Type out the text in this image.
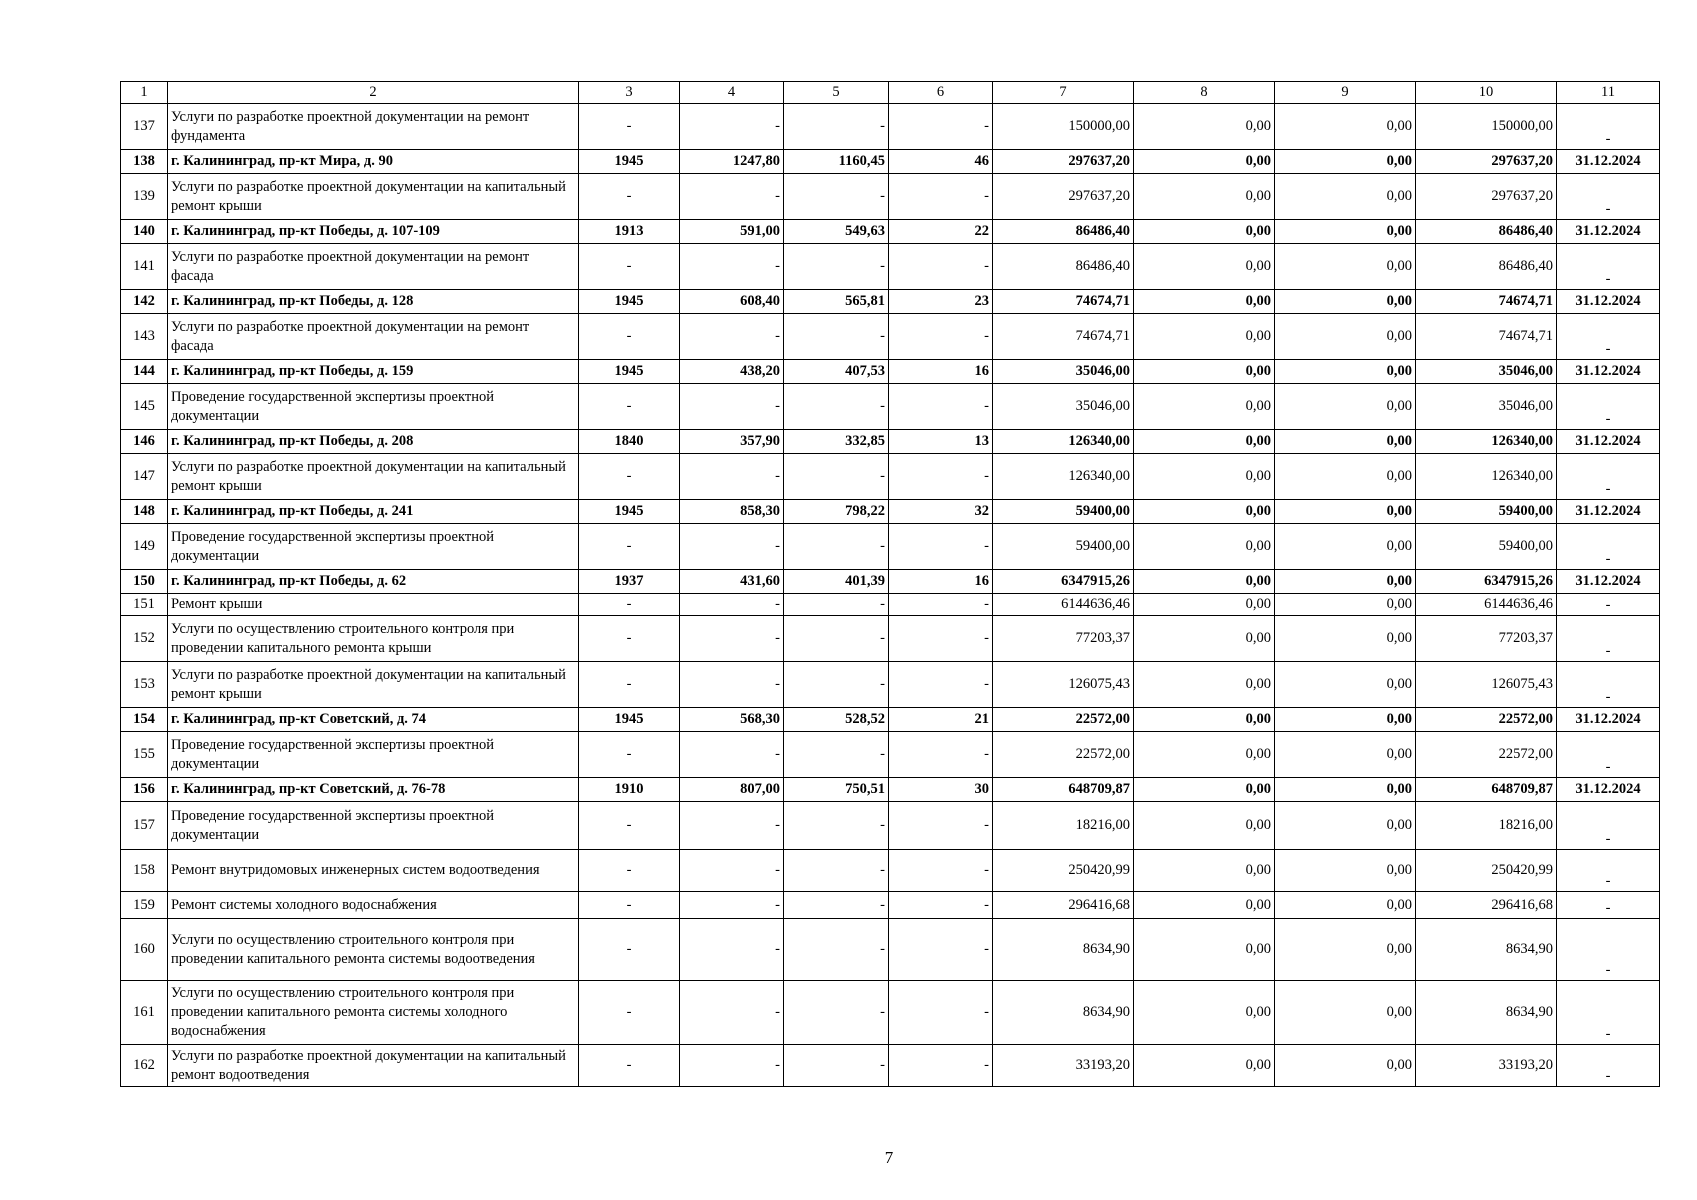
1	2	3	4	5	6	7	8	9	10	11
137	Услуги по разработке проектной документации на ремонт фундамента	-	-	-	-	150000,00	0,00	0,00	150000,00	-
138	г. Калининград, пр-кт Мира, д. 90	1945	1247,80	1160,45	46	297637,20	0,00	0,00	297637,20	31.12.2024
139	Услуги по разработке проектной документации на капитальный ремонт крыши	-	-	-	-	297637,20	0,00	0,00	297637,20	-
140	г. Калининград, пр-кт Победы, д. 107-109	1913	591,00	549,63	22	86486,40	0,00	0,00	86486,40	31.12.2024
141	Услуги по разработке проектной документации на ремонт фасада	-	-	-	-	86486,40	0,00	0,00	86486,40	-
142	г. Калининград, пр-кт Победы, д. 128	1945	608,40	565,81	23	74674,71	0,00	0,00	74674,71	31.12.2024
143	Услуги по разработке проектной документации на ремонт фасада	-	-	-	-	74674,71	0,00	0,00	74674,71	-
144	г. Калининград, пр-кт Победы, д. 159	1945	438,20	407,53	16	35046,00	0,00	0,00	35046,00	31.12.2024
145	Проведение государственной экспертизы проектной документации	-	-	-	-	35046,00	0,00	0,00	35046,00	-
146	г. Калининград, пр-кт Победы, д. 208	1840	357,90	332,85	13	126340,00	0,00	0,00	126340,00	31.12.2024
147	Услуги по разработке проектной документации на капитальный ремонт крыши	-	-	-	-	126340,00	0,00	0,00	126340,00	-
148	г. Калининград, пр-кт Победы, д. 241	1945	858,30	798,22	32	59400,00	0,00	0,00	59400,00	31.12.2024
149	Проведение государственной экспертизы проектной документации	-	-	-	-	59400,00	0,00	0,00	59400,00	-
150	г. Калининград, пр-кт Победы, д. 62	1937	431,60	401,39	16	6347915,26	0,00	0,00	6347915,26	31.12.2024
151	Ремонт крыши	-	-	-	-	6144636,46	0,00	0,00	6144636,46	-
152	Услуги по осуществлению строительного контроля при проведении капитального ремонта крыши	-	-	-	-	77203,37	0,00	0,00	77203,37	-
153	Услуги по разработке проектной документации на капитальный ремонт крыши	-	-	-	-	126075,43	0,00	0,00	126075,43	-
154	г. Калининград, пр-кт Советский, д. 74	1945	568,30	528,52	21	22572,00	0,00	0,00	22572,00	31.12.2024
155	Проведение государственной экспертизы проектной документации	-	-	-	-	22572,00	0,00	0,00	22572,00	-
156	г. Калининград, пр-кт Советский, д. 76-78	1910	807,00	750,51	30	648709,87	0,00	0,00	648709,87	31.12.2024
157	Проведение государственной экспертизы проектной документации	-	-	-	-	18216,00	0,00	0,00	18216,00	-
158	Ремонт внутридомовых инженерных систем водоотведения	-	-	-	-	250420,99	0,00	0,00	250420,99	-
159	Ремонт системы холодного водоснабжения	-	-	-	-	296416,68	0,00	0,00	296416,68	-
160	Услуги по осуществлению строительного контроля при проведении капитального ремонта системы водоотведения	-	-	-	-	8634,90	0,00	0,00	8634,90	-
161	Услуги по осуществлению строительного контроля при проведении капитального ремонта системы холодного водоснабжения	-	-	-	-	8634,90	0,00	0,00	8634,90	-
162	Услуги по разработке проектной документации на капитальный ремонт водоотведения	-	-	-	-	33193,20	0,00	0,00	33193,20	-
7
